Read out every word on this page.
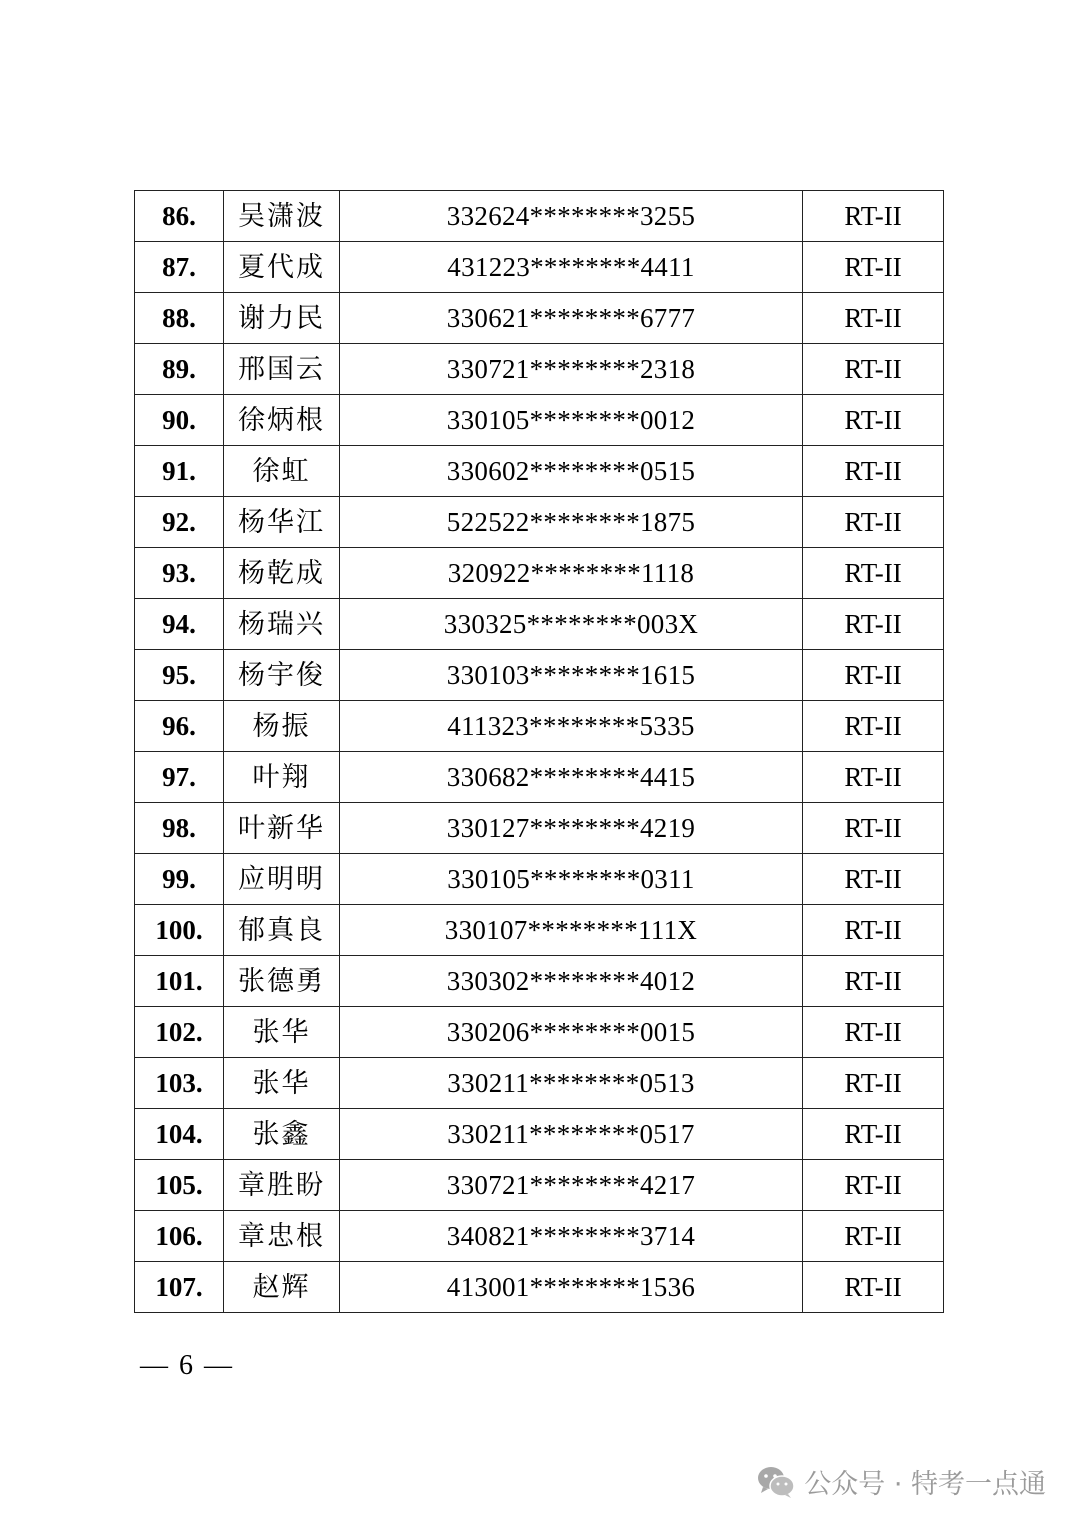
86.	吴潇波	332624********3255	RT-II
87.	夏代成	431223********4411	RT-II
88.	谢力民	330621********6777	RT-II
89.	邢国云	330721********2318	RT-II
90.	徐炳根	330105********0012	RT-II
91.	徐虹	330602********0515	RT-II
92.	杨华江	522522********1875	RT-II
93.	杨乾成	320922********1118	RT-II
94.	杨瑞兴	330325********003X	RT-II
95.	杨宇俊	330103********1615	RT-II
96.	杨振	411323********5335	RT-II
97.	叶翔	330682********4415	RT-II
98.	叶新华	330127********4219	RT-II
99.	应明明	330105********0311	RT-II
100.	郁真良	330107********111X	RT-II
101.	张德勇	330302********4012	RT-II
102.	张华	330206********0015	RT-II
103.	张华	330211********0513	RT-II
104.	张鑫	330211********0517	RT-II
105.	章胜盼	330721********4217	RT-II
106.	章忠根	340821********3714	RT-II
107.	赵辉	413001********1536	RT-II
— 6 —
公众号 · 特考一点通
